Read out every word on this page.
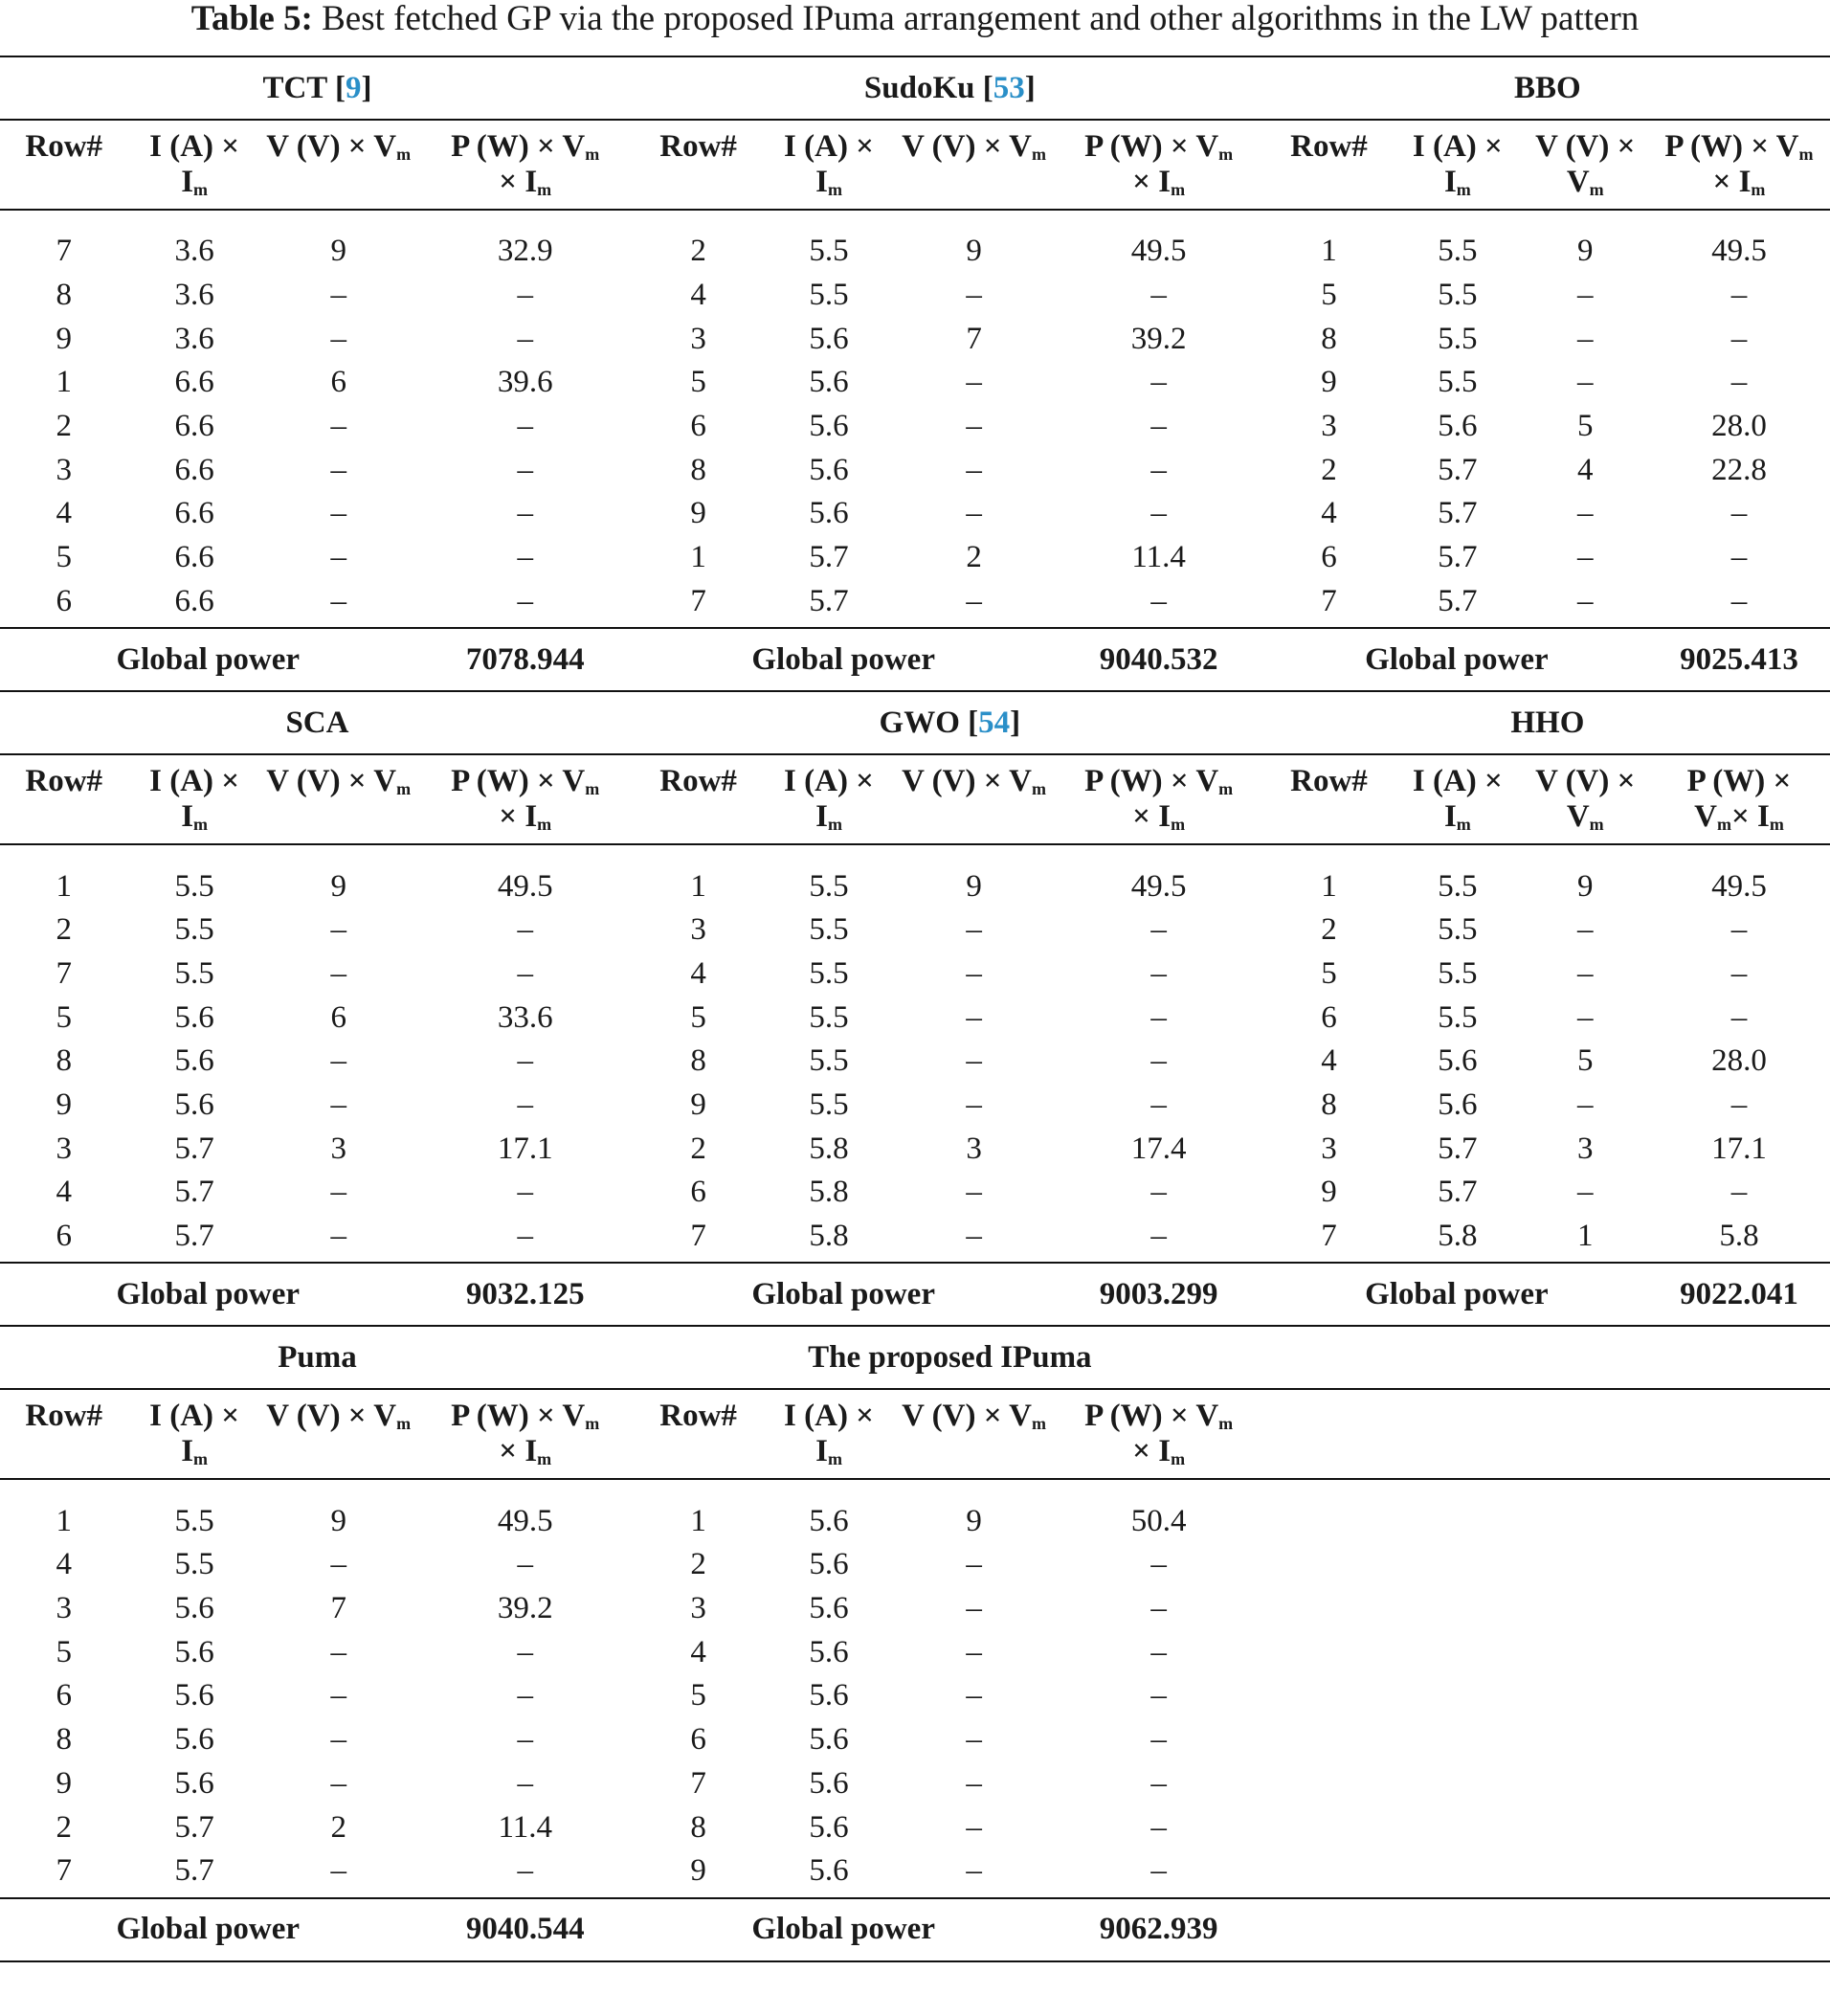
Table 5: Best fetched GP via the proposed IPuma arrangement and other algorithms in the LW pattern
TCT [9]				SudoKu [53]				BBO			
Row#	I (A) ×	V $(V) \times V_m$	P $(W) \times V_m$	Row#	I (A) ×	V $(V) \times V_m$	P $(W) \times V_m$	Row#	I (A) ×	V (V) ×	P $(W) \times V_m$
	$I_m$		× $I_m$		$I_m$		× $I_m$		$I_m$	$V_m$	× $I_m$

7	3.6	9	32.9	2	5.5	9	49.5	1	5.5	9	49.5
8	3.6	–	–	4	5.5	–	–	5	5.5	–	–
9	3.6	–	–	3	5.6	7	39.2	8	5.5	–	–
1	6.6	6	39.6	5	5.6	–	–	9	5.5	–	–
2	6.6	–	–	6	5.6	–	–	3	5.6	5	28.0
3	6.6	–	–	8	5.6	–	–	2	5.7	4	22.8
4	6.6	–	–	9	5.6	–	–	4	5.7	–	–
5	6.6	–	–	1	5.7	2	11.4	6	5.7	–	–
6	6.6	–	–	7	5.7	–	–	7	5.7	–	–
Global power			7078.944	Global power			9040.532	Global power			9025.413
SCA				GWO [54]				HHO			
Row#	I (A) ×	V $(V) \times V_m$	P $(W) \times V_m$	Row#	I (A) ×	V $(V) \times V_m$	P $(W) \times V_m$	Row#	I (A) ×	V (V) ×	P (W) ×
	$I_m$		× $I_m$		$I_m$		× $I_m$		$I_m$	$V_m$	$V_m\times I_m$

1	5.5	9	49.5	1	5.5	9	49.5	1	5.5	9	49.5
2	5.5	–	–	3	5.5	–	–	2	5.5	–	–
7	5.5	–	–	4	5.5	–	–	5	5.5	–	–
5	5.6	6	33.6	5	5.5	–	–	6	5.5	–	–
8	5.6	–	–	8	5.5	–	–	4	5.6	5	28.0
9	5.6	–	–	9	5.5	–	–	8	5.6	–	–
3	5.7	3	17.1	2	5.8	3	17.4	3	5.7	3	17.1
4	5.7	–	–	6	5.8	–	–	9	5.7	–	–
6	5.7	–	–	7	5.8	–	–	7	5.8	1	5.8
Global power			9032.125	Global power			9003.299	Global power			9022.041
Puma				The proposed IPuma							
Row#	I (A) ×	V $(V) \times V_m$	P $(W) \times V_m$	Row#	I (A) ×	V $(V) \times V_m$	P $(W) \times V_m$				
	$I_m$		× $I_m$		$I_m$		× $I_m$				

1	5.5	9	49.5	1	5.6	9	50.4				
4	5.5	–	–	2	5.6	–	–				
3	5.6	7	39.2	3	5.6	–	–				
5	5.6	–	–	4	5.6	–	–				
6	5.6	–	–	5	5.6	–	–				
8	5.6	–	–	6	5.6	–	–				
9	5.6	–	–	7	5.6	–	–				
2	5.7	2	11.4	8	5.6	–	–				
7	5.7	–	–	9	5.6	–	–				
Global power			9040.544	Global power			9062.939				
